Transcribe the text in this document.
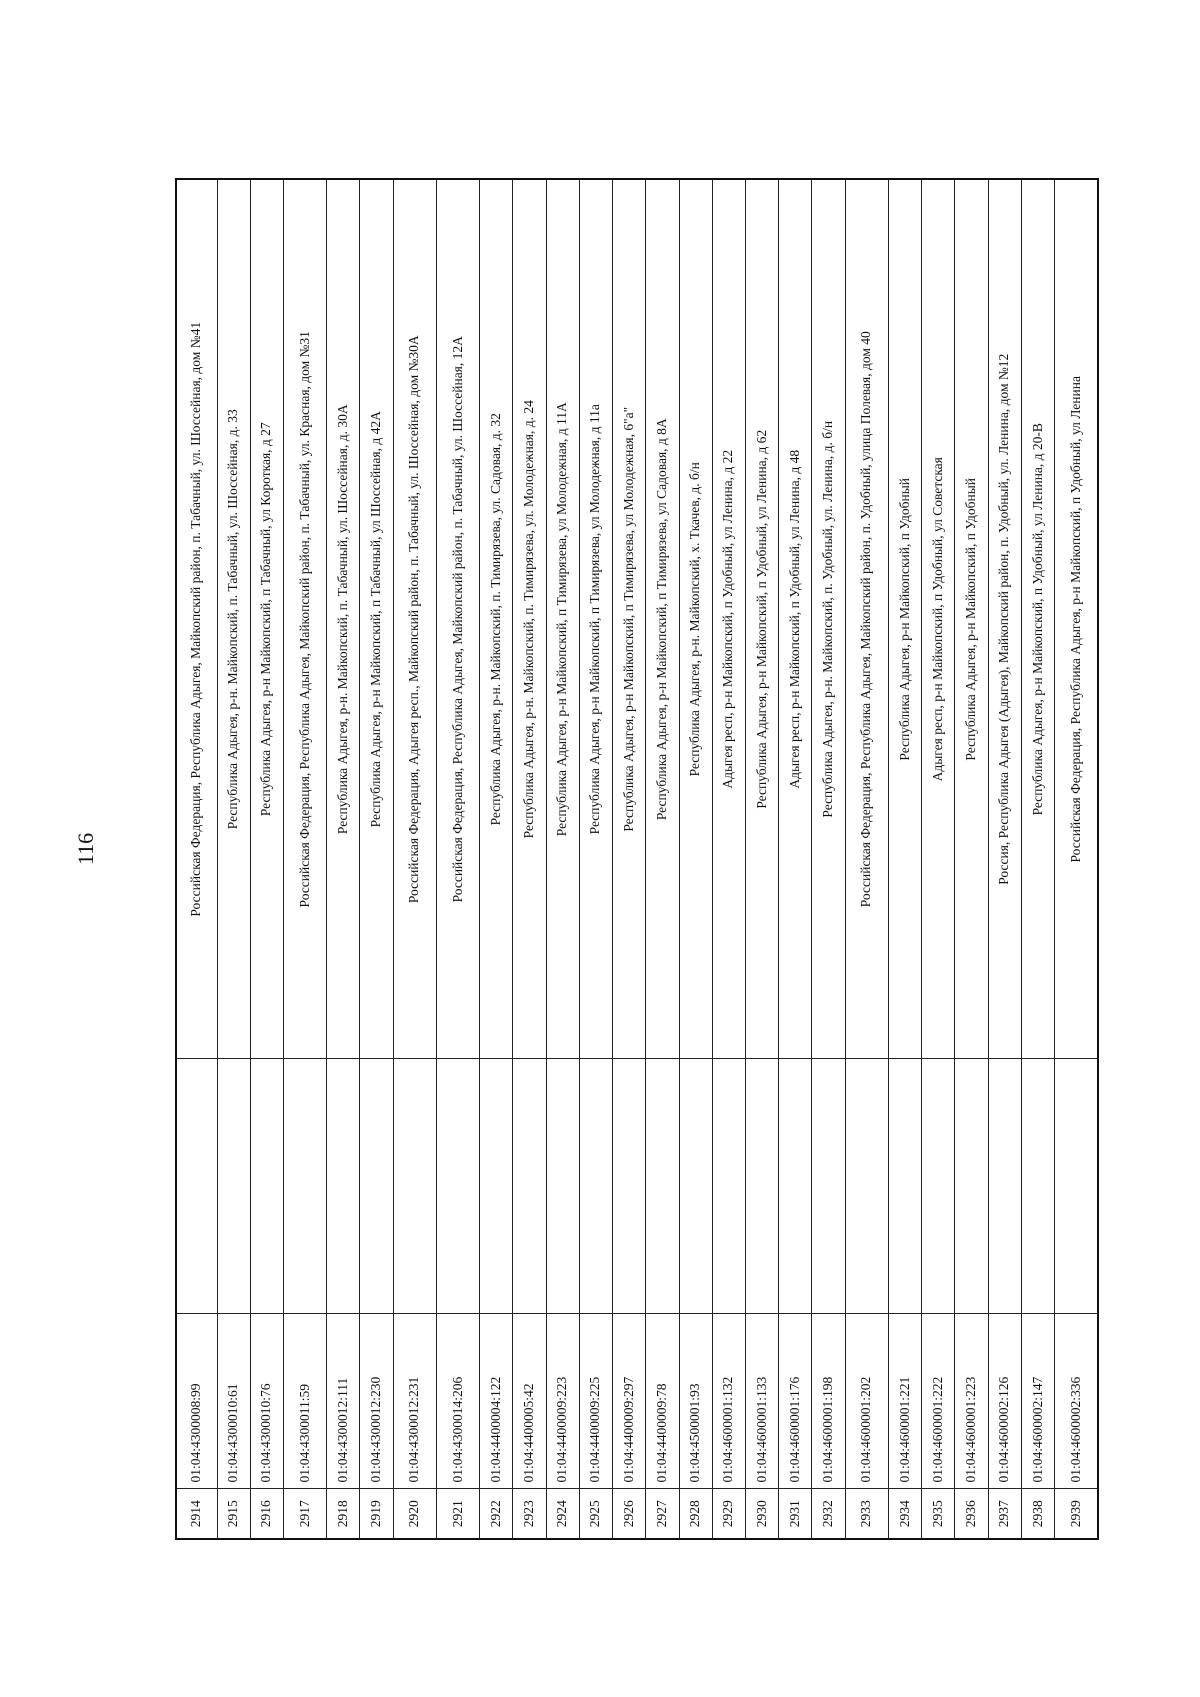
116
2914	01:04:4300008:99		Российская Федерация, Республика Адыгея, Майкопский район, п. Табачный, ул. Шоссейная, дом №41
2915	01:04:4300010:61		Республика Адыгея, р-н. Майкопский, п. Табачный, ул. Шоссейная, д. 33
2916	01:04:4300010:76		Республика Адыгея, р-н Майкопский, п Табачный, ул Короткая, д 27
2917	01:04:4300011:59		Российская Федерация, Республика Адыгея, Майкопский район, п. Табачный, ул. Красная, дом №31
2918	01:04:4300012:111		Республика Адыгея, р-н. Майкопский, п. Табачный, ул. Шоссейная, д. 30А
2919	01:04:4300012:230		Республика Адыгея, р-н Майкопский, п Табачный, ул Шоссейная, д 42А
2920	01:04:4300012:231		Российская Федерация, Адыгея респ., Майкопский район, п. Табачный, ул. Шоссейная, дом №30А
2921	01:04:4300014:206		Российская Федерация, Республика Адыгея, Майкопский район, п. Табачный, ул. Шоссейная, 12А
2922	01:04:4400004:122		Республика Адыгея, р-н. Майкопский, п. Тимирязева, ул. Садовая, д. 32
2923	01:04:4400005:42		Республика Адыгея, р-н. Майкопский, п. Тимирязева, ул. Молодежная, д. 24
2924	01:04:4400009:223		Республика Адыгея, р-н Майкопский, п Тимирязева, ул Молодежная, д 11А
2925	01:04:4400009:225		Республика Адыгея, р-н Майкопский, п Тимирязева, ул Молодежная, д 11а
2926	01:04:4400009:297		Республика Адыгея, р-н Майкопский, п Тимирязева, ул Молодежная, 6"а"
2927	01:04:4400009:78		Республика Адыгея, р-н Майкопский, п Тимирязева, ул Садовая, д 8А
2928	01:04:4500001:93		Республика Адыгея, р-н. Майкопский, х. Ткачев, д. б/н
2929	01:04:4600001:132		Адыгея респ, р-н Майкопский, п Удобный, ул Ленина, д 22
2930	01:04:4600001:133		Республика Адыгея, р-н Майкопский, п Удобный, ул Ленина, д 62
2931	01:04:4600001:176		Адыгея респ, р-н Майкопский, п Удобный, ул Ленина, д 48
2932	01:04:4600001:198		Республика Адыгея, р-н. Майкопский, п. Удобный, ул. Ленина, д. б/н
2933	01:04:4600001:202		Российская Федерация, Республика Адыгея, Майкопский район, п. Удобный, улица Полевая, дом 40
2934	01:04:4600001:221		Республика Адыгея, р-н Майкопский, п Удобный
2935	01:04:4600001:222		Адыгея респ, р-н Майкопский, п Удобный, ул Советская
2936	01:04:4600001:223		Республика Адыгея, р-н Майкопский, п Удобный
2937	01:04:4600002:126		Россия, Республика Адыгея (Адыгея), Майкопский район, п. Удобный, ул. Ленина, дом №12
2938	01:04:4600002:147		Республика Адыгея, р-н Майкопский, п Удобный, ул Ленина, д 20-В
2939	01:04:4600002:336		Российская Федерация, Республика Адыгея, р-н Майкопский, п Удобный, ул Ленина
